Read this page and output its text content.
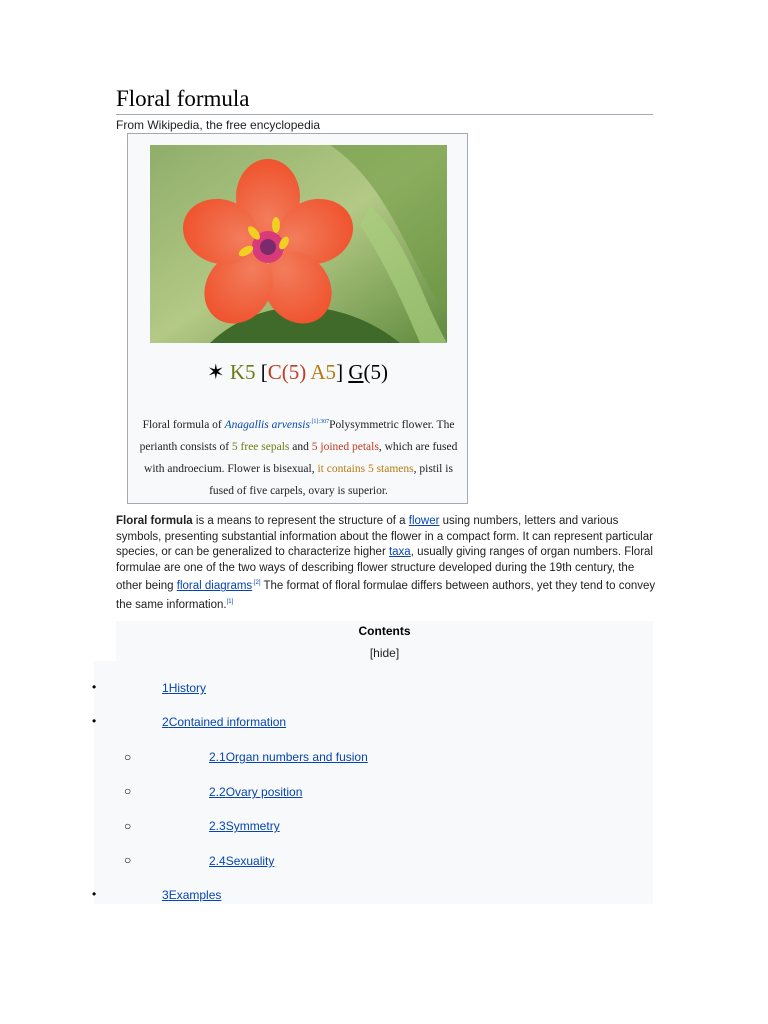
Floral formula
From Wikipedia, the free encyclopedia
✶ K5 [C(5) A5] G(5)
Floral formula of Anagallis arvensis$^{.[1]:307}$Polysymmetric flower. The perianth consists of 5 free sepals and 5 joined petals, which are fused with androecium. Flower is bisexual, it contains 5 stamens, pistil is fused of five carpels, ovary is superior.
Floral formula is a means to represent the structure of a flower using numbers, letters and various symbols, presenting substantial information about the flower in a compact form. It can represent particular species, or can be generalized to characterize higher taxa, usually giving ranges of organ numbers. Floral formulae are one of the two ways of describing flower structure developed during the 19th century, the other being floral diagrams$^{.[2]}$ The format of floral formulae differs between authors, yet they tend to convey the same information.[1]
Contents
[hide]
•	1History
•	2Contained information
○	2.1Organ numbers and fusion
○	2.2Ovary position
○	2.3Symmetry
○	2.4Sexuality
•	3Examples
